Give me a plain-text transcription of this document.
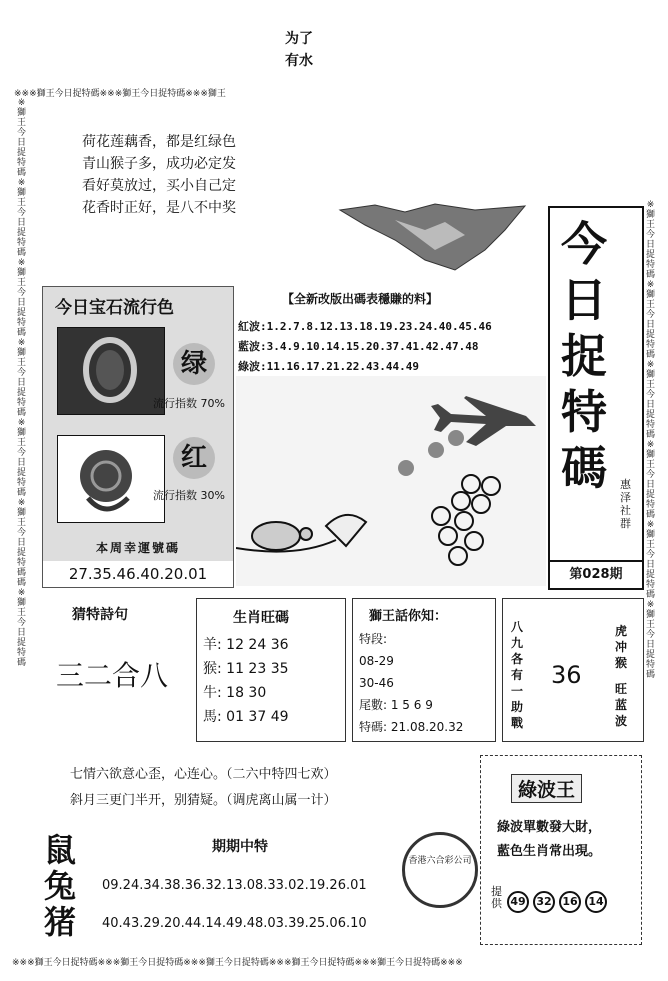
为了
有水
※※※獅王今日捉特碼※※※獅王今日捉特碼※※※獅王
※※※獅王今日捉特碼※※※獅王今日捉特碼※※※獅王今日捉特碼※※※獅王今日捉特碼※※※獅王今日捉特碼※※※
※獅王今日捉特碼※獅王今日捉特碼※獅王今日捉特碼※獅王今日捉特碼※獅王今日捉特碼※獅王今日捉特碼碼※獅王今日捉特碼
※獅王今日捉特碼※獅王今日捉特碼※獅王今日捉特碼※獅王今日捉特碼※獅王今日捉特碼※獅王今日捉特碼
荷花莲藕香，都是红绿色
青山猴子多，成功必定发
看好莫放过，买小自己定
花香时正好，是八不中奖
今日捉特碼	惠泽社群
第028期
今日宝石流行色
绿
流行指数 70%
红
流行指数 30%
本周幸運號碼
27.35.46.40.20.01
【全新改版出碼表穩賺的料】
紅波:1.2.7.8.12.13.18.19.23.24.40.45.46
藍波:3.4.9.10.14.15.20.37.41.42.47.48
綠波:11.16.17.21.22.43.44.49
猜特詩句
三二合八
生肖旺碼
羊: 12 24 36
猴: 11 23 35
牛: 18 30
馬: 01 37 49
獅王話你知：
特段:
08-29
30-46
尾數: 1 5 6 9
特碼: 21.08.20.32
八九各有一助戰
36
虎冲猴
旺蓝波
七情六欲意心歪，心连心。（二六中特四七欢）
斜月三更门半开，别猜疑。（调虎离山属一计）	綠波王
綠波單數發大財，
藍色生肖常出現。
提供 49 32 16 14
香港六合彩公司
鼠兔猪
期期中特
09.24.34.38.36.32.13.08.33.02.19.26.01
40.43.29.20.44.14.49.48.03.39.25.06.10
